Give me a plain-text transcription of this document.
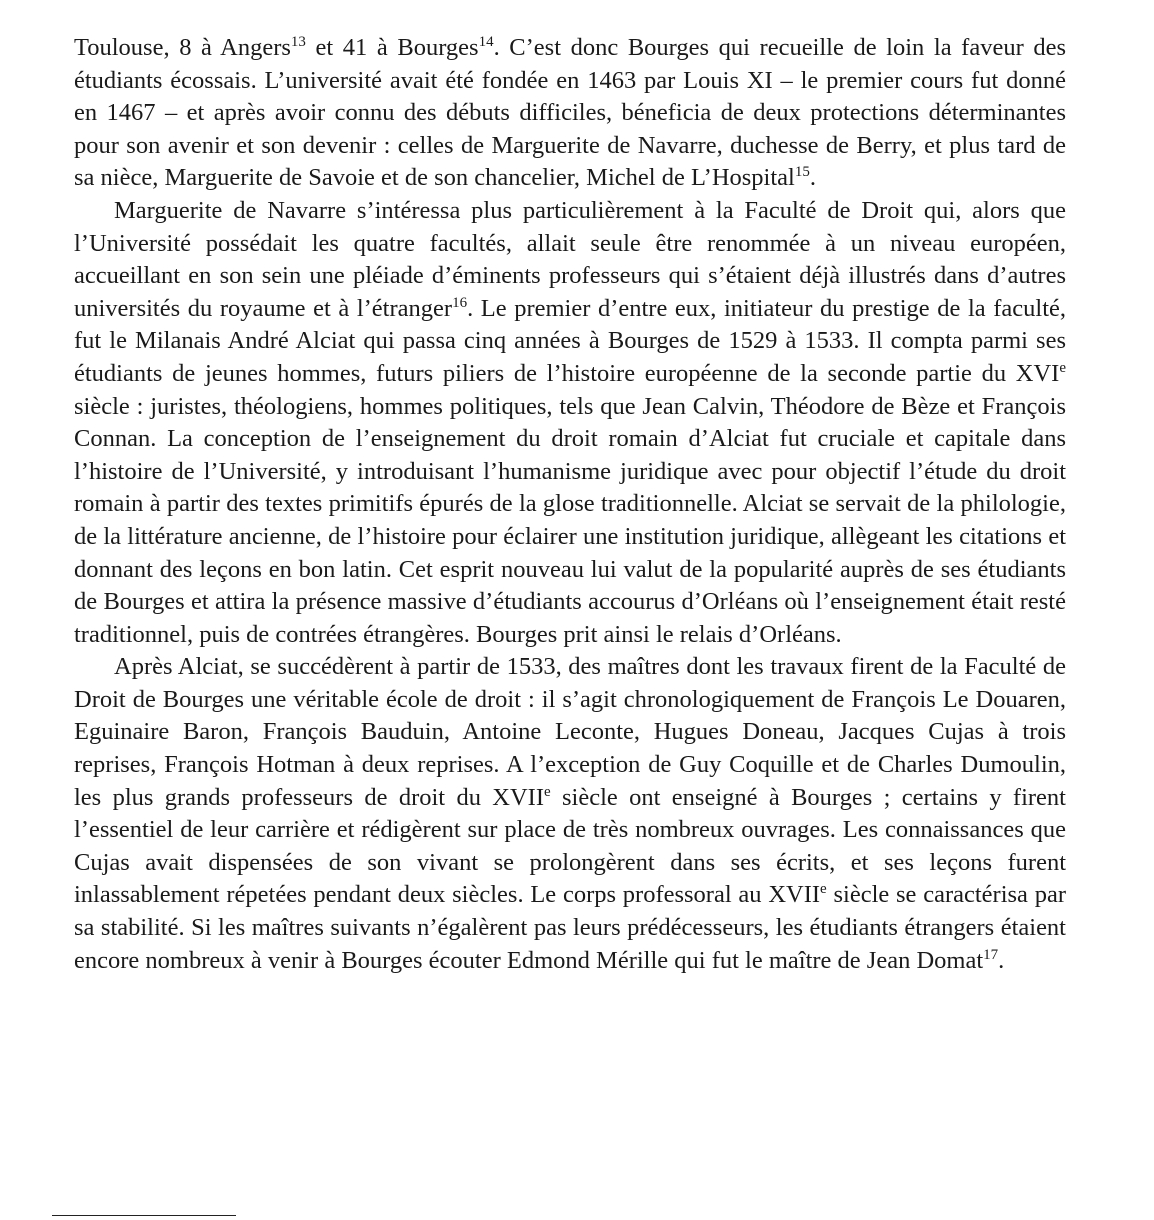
Toulouse, 8 à Angers$^{13}$ et 41 à Bourges$^{14}$. C’est donc Bourges qui recueille de loin la faveur des étudiants écossais. L’université avait été fondée en 1463 par Louis XI – le premier cours fut donné en 1467 – et après avoir connu des débuts difficiles, béneficia de deux protections déterminantes pour son avenir et son devenir : celles de Marguerite de Navarre, duchesse de Berry, et plus tard de sa nièce, Marguerite de Savoie et de son chancelier, Michel de L’Hospital$^{15}$.

Marguerite de Navarre s’intéressa plus particulièrement à la Faculté de Droit qui, alors que l’Université possédait les quatre facultés, allait seule être renommée à un niveau européen, accueillant en son sein une pléiade d’éminents professeurs qui s’étaient déjà illustrés dans d’autres universités du royaume et à l’étranger$^{16}$. Le premier d’entre eux, initiateur du prestige de la faculté, fut le Milanais André Alciat qui passa cinq années à Bourges de 1529 à 1533. Il compta parmi ses étudiants de jeunes hommes, futurs piliers de l’histoire européenne de la seconde partie du XVIe siècle : juristes, théologiens, hommes politiques, tels que Jean Calvin, Théodore de Bèze et François Connan. La conception de l’enseignement du droit romain d’Alciat fut cruciale et capitale dans l’histoire de l’Université, y introduisant l’humanisme juridique avec pour objectif l’étude du droit romain à partir des textes primitifs épurés de la glose traditionnelle. Alciat se servait de la philologie, de la littérature ancienne, de l’histoire pour éclairer une institution juridique, allègeant les citations et donnant des leçons en bon latin. Cet esprit nouveau lui valut de la popularité auprès de ses étudiants de Bourges et attira la présence massive d’étudiants accourus d’Orléans où l’enseignement était resté traditionnel, puis de contrées étrangères. Bourges prit ainsi le relais d’Orléans.

Après Alciat, se succédèrent à partir de 1533, des maîtres dont les travaux firent de la Faculté de Droit de Bourges une véritable école de droit : il s’agit chronologiquement de François Le Douaren, Eguinaire Baron, François Bauduin, Antoine Leconte, Hugues Doneau, Jacques Cujas à trois reprises, François Hotman à deux reprises. A l’exception de Guy Coquille et de Charles Dumoulin, les plus grands professeurs de droit du XVIIe siècle ont enseigné à Bourges ; certains y firent l’essentiel de leur carrière et rédigèrent sur place de très nombreux ouvrages. Les connaissances que Cujas avait dispensées de son vivant se prolongèrent dans ses écrits, et ses leçons furent inlassablement répetées pendant deux siècles. Le corps professoral au XVIIe siècle se caractérisa par sa stabilité. Si les maîtres suivants n’égalèrent pas leurs prédécesseurs, les étudiants étrangers étaient encore nombreux à venir à Bourges écouter Edmond Mérille qui fut le maître de Jean Domat$^{17}$.
